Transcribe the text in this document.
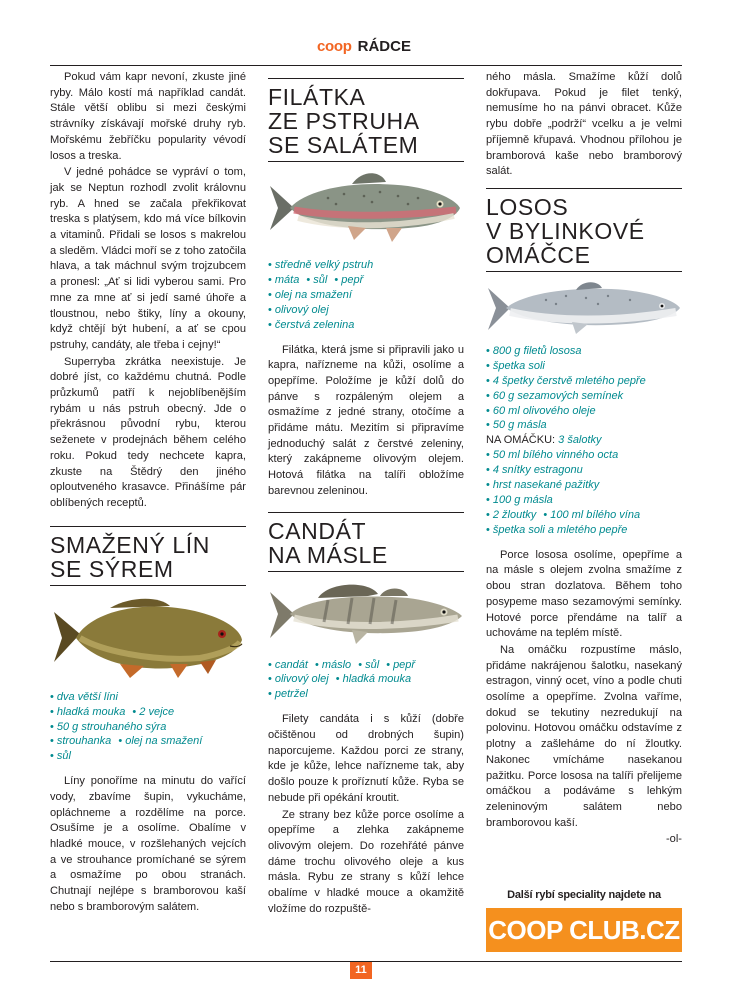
coop RÁDCE

Pokud vám kapr nevoní, zkuste jiné ryby. Málo kostí má například candát. Stále větší oblibu si mezi českými strávníky získávají mořské druhy ryb. Mořskému žebříčku popularity vévodí losos a treska.

V jedné pohádce se vypráví o tom, jak se Neptun rozhodl zvolit královnu ryb. A hned se začala překřikovat treska s platýsem, kdo má více bílkovin a vitaminů. Přidali se losos s makrelou a sleděm. Vládci moří se z toho zatočila hlava, a tak máchnul svým trojzubcem a pronesl: „Ať si lidi vyberou sami. Pro mne za mne ať si jedí samé úhoře a tloustnou, nebo štiky, líny a okouny, když chtějí být hubení, a ať se cpou pstruhy, candáty, ale třeba i cejny!“

Superryba zkrátka neexistuje. Je dobré jíst, co každému chutná. Podle průzkumů patří k nejoblíbenějším rybám u nás pstruh obecný. Jde o překrásnou původní rybu, kterou seženete v prodejnách během celého roku. Pokud tedy nechcete kapra, zkuste na Štědrý den jiného oploutveného krasavce. Přinášíme pár oblíbených receptů.

SMAŽENÝ LÍN
SE SÝREM
• dva větší líni
• hladká mouka • 2 vejce
• 50 g strouhaného sýra
• strouhanka • olej na smažení
• sůl

Líny ponoříme na minutu do vařící vody, zbavíme šupin, vykucháme, opláchneme a rozdělíme na porce. Osušíme je a osolíme. Obalíme v hladké mouce, v rozšlehaných vejcích a ve strouhance promíchané se sýrem a osmažíme po obou stranách. Chutnají nejlépe s bramborovou kaší nebo s bramborovým salátem.

FILÁTKA
ZE PSTRUHA
SE SALÁTEM
• středně velký pstruh
• máta • sůl • pepř
• olej na smažení
• olivový olej
• čerstvá zelenina

Filátka, která jsme si připravili jako u kapra, nařízneme na kůži, osolíme a opepříme. Položíme je kůží dolů do pánve s rozpáleným olejem a osmažíme z jedné strany, otočíme a přidáme mátu. Mezitím si připravíme jednoduchý salát z čerstvé zeleniny, který zakápneme olivovým olejem. Hotová filátka na talíři obložíme barevnou zeleninou.

CANDÁT
NA MÁSLE
• candát • máslo • sůl • pepř
• olivový olej • hladká mouka
• petržel

Filety candáta i s kůží (dobře očištěnou od drobných šupin) naporcujeme. Každou porci ze strany, kde je kůže, lehce nařízneme tak, aby došlo pouze k proříznutí kůže. Ryba se nebude při opékání kroutit.

Ze strany bez kůže porce osolíme a opepříme a zlehka zakápneme olivovým olejem. Do rozehřáté pánve dáme trochu olivového oleje a kus másla. Rybu ze strany s kůží lehce obalíme v hladké mouce a okamžitě vložíme do rozpuště-

ného másla. Smažíme kůží dolů dokřupava. Pokud je filet tenký, nemusíme ho na pánvi obracet. Kůže rybu dobře „podrží“ vcelku a je velmi příjemně křupavá. Vhodnou přílohou je bramborová kaše nebo bramborový salát.

LOSOS
V BYLINKOVÉ
OMÁČCE
• 800 g filetů lososa
• špetka soli
• 4 špetky čerstvě mletého pepře
• 60 g sezamových semínek
• 60 ml olivového oleje
• 50 g másla
NA OMÁČKU: 3 šalotky
• 50 ml bílého vinného octa
• 4 snítky estragonu
• hrst nasekané pažitky
• 100 g másla
• 2 žloutky • 100 ml bílého vína
• špetka soli a mletého pepře

Porce lososa osolíme, opepříme a na másle s olejem zvolna smažíme z obou stran dozlatova. Během toho posypeme maso sezamovými semínky. Hotové porce přendáme na talíř a uchováme na teplém místě.

Na omáčku rozpustíme máslo, přidáme nakrájenou šalotku, nasekaný estragon, vinný ocet, víno a podle chuti osolíme a opepříme. Zvolna vaříme, dokud se tekutiny nezredukují na polovinu. Hotovou omáčku odstavíme z plotny a zašleháme do ní žloutky. Nakonec vmícháme nasekanou pažitku. Porce lososa na talíři přelijeme omáčkou a podáváme s lehkým zeleninovým salátem nebo bramborovou kaší.

-ol-

Další rybí speciality najdete na
COOP CLUB.CZ
11
